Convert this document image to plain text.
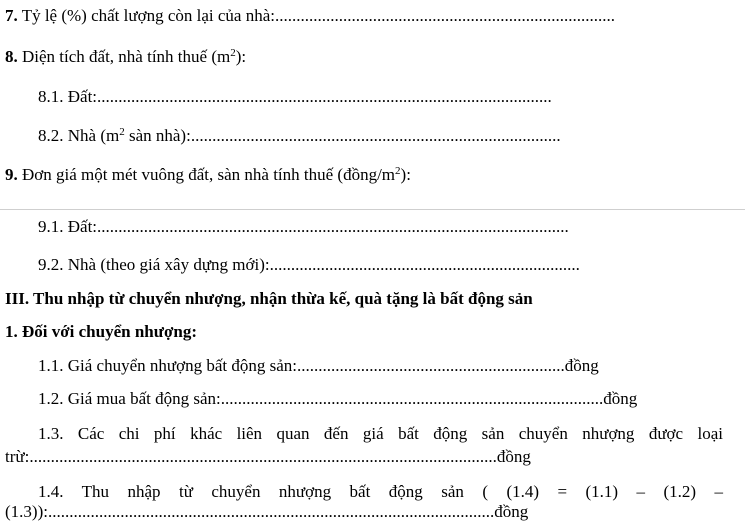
7. Tỷ lệ (%) chất lượng còn lại của nhà:................................................................................
8. Diện tích đất, nhà tính thuế $(m^2)$:
8.1. Đất:...........................................................................................................
8.2. Nhà ($m^2$ sàn nhà):.......................................................................................
9. Đơn giá một mét vuông đất, sàn nhà tính thuế $(đồng/m^2)$:
9.1. Đất:...............................................................................................................
9.2. Nhà (theo giá xây dựng mới):.........................................................................
III. Thu nhập từ chuyển nhượng, nhận thừa kế, quà tặng là bất động sản
1. Đối với chuyển nhượng:
1.1. Giá chuyển nhượng bất động sản:...............................................................đồng
1.2. Giá mua bất động sản:..........................................................................................đồng
1.3. Các chi phí khác liên quan đến giá bất động sản chuyển nhượng được loại
trừ:..............................................................................................................đồng
1.4. Thu nhập từ chuyển nhượng bất động sản ( (1.4) = (1.1) – (1.2) –
(1.3)):.........................................................................................................đồng
